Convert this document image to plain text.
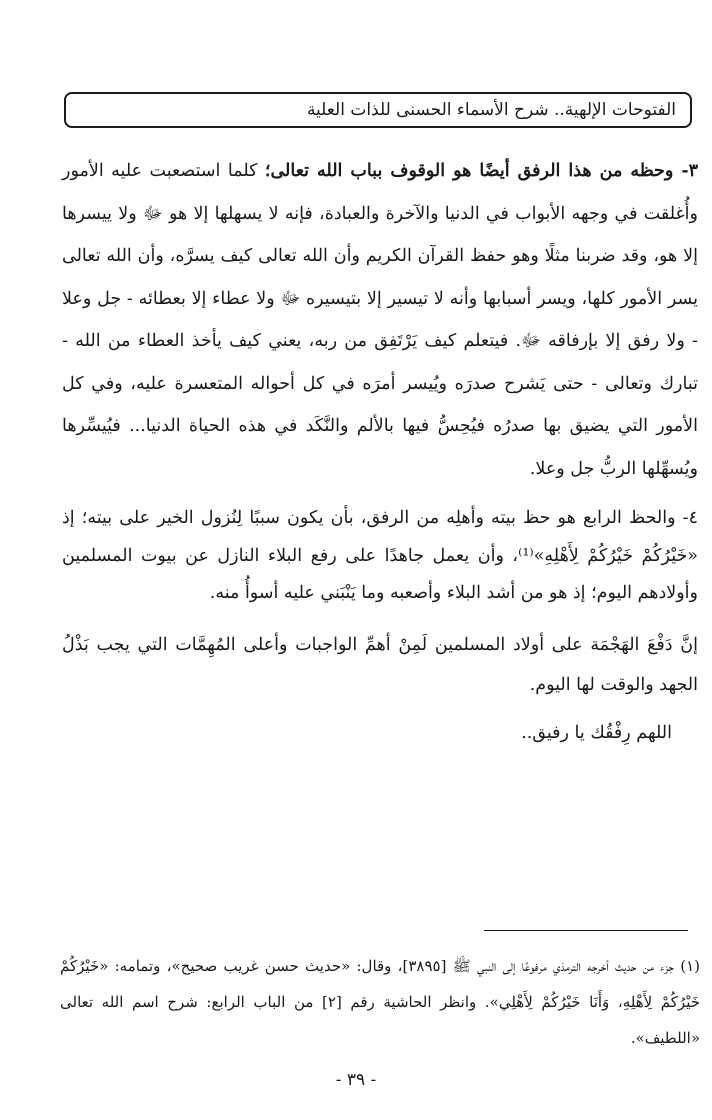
الفتوحات الإلهية.. شرح الأسماء الحسنى للذات العلية

٣- وحظه من هذا الرفق أيضًا هو الوقوف بباب الله تعالى؛ كلما استصعبت عليه الأمور وأُغلقت في وجهه الأبواب في الدنيا والآخرة والعبادة، فإنه لا يسهلها إلا هو ﷻ ولا ييسرها إلا هو، وقد ضربنا مثلًا وهو حفظ القرآن الكريم وأن الله تعالى كيف يسرَّه، وأن الله تعالى يسر الأمور كلها، ويسر أسبابها وأنه لا تيسير إلا بتيسيره ﷻ ولا عطاء إلا بعطائه - جل وعلا - ولا رفق إلا بإرفاقه ﷻ. فيتعلم كيف يَرْتَفِق من ربه، يعني كيف يأخذ العطاء من الله - تبارك وتعالى - حتى يَشرح صدرَه ويُيسر أمرَه في كل أحواله المتعسرة عليه، وفي كل الأمور التي يضيق بها صدرُه فيُحِسُّ فيها بالألم والنَّكَد في هذه الحياة الدنيا... فيُيسِّرها ويُسهِّلها الربُّ جل وعلا.

٤- والحظ الرابع هو حظ بيته وأهلِه من الرفق، بأن يكون سببًا لِنُزول الخير على بيته؛ إذ «خَيْرُكُمْ خَيْرُكُمْ لِأَهْلِهِ»⁽¹⁾، وأن يعمل جاهدًا على رفع البلاء النازل عن بيوت المسلمين وأولادهم اليوم؛ إذ هو من أشد البلاء وأصعبه وما يَنْبَني عليه أسوأُ منه.

إنَّ دَفْعَ الهَجْمَة على أولاد المسلمين لَمِنْ أهمِّ الواجبات وأعلى المُهِمَّات التي يجب بَذْلُ الجهد والوقت لها اليوم.

اللهم رِفْقُك يا رفيق..

(١) جزء من حديث أخرجه الترمذي مرفوعًا إلى النبي ﷺ [٣٨٩٥]، وقال: «حديث حسن غريب صحيح»، وتمامه: «خَيْرُكُمْ خَيْرُكُمْ لِأَهْلِهِ، وَأَنَا خَيْرُكُمْ لِأَهْلِي». وانظر الحاشية رقم [٢] من الباب الرابع: شرح اسم الله تعالى «اللطيف».
- ٣٩ -
